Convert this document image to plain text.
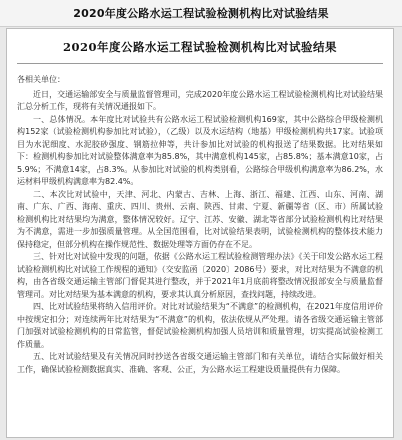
2020年度公路水运工程试验检测机构比对试验结果
2020年度公路水运工程试验检测机构比对试验结果

各相关单位：

近日，交通运输部安全与质量监督管理司，完成2020年度公路水运工程试验检测机构比对试验结果汇总分析工作，现将有关情况通报如下。

一、总体情况。本年度比对试验共有公路水运工程试验检测机构169家，其中公路综合甲级检测机构152家（试验检测机构参加比对试验），（乙级）以及水运结构（地基）甲级检测机构共17家。试验项目为水泥细度、水泥胶砂强度、钢筋拉伸等，共计参加比对试验的机构报送了结果数据。比对结果如下：检测机构参加比对试验整体满意率为85.8%，其中满意机构145家，占85.8%；基本满意10家，占5.9%；不满意14家，占8.3%。从参加比对试验的机构类别看，公路综合甲级机构满意率为86.2%，水运材料甲级机构满意率为82.4%。

二、本次比对试验中，天津、河北、内蒙古、吉林、上海、浙江、福建、江西、山东、河南、湖南、广东、广西、海南、重庆、四川、贵州、云南、陕西、甘肃、宁夏、新疆等省（区、市）所属试验检测机构比对结果均为满意，整体情况较好。辽宁、江苏、安徽、湖北等省部分试验检测机构比对结果为不满意，需进一步加强质量管理。从全国范围看，比对试验结果表明，试验检测机构的整体技术能力保持稳定，但部分机构在操作规范性、数据处理等方面仍存在不足。

三、针对比对试验中发现的问题，依据《公路水运工程试验检测管理办法》《关于印发公路水运工程试验检测机构比对试验工作规程的通知》（交安监函〔2020〕2086号）要求，对比对结果为不满意的机构，由各省级交通运输主管部门督促其进行整改，并于2021年1月底前将整改情况报部安全与质量监督管理司。对比对结果为基本满意的机构，要求其认真分析原因，查找问题，持续改进。

四、比对试验结果将纳入信用评价。对比对试验结果为“不满意”的检测机构，在2021年度信用评价中按规定扣分；对连续两年比对结果为“不满意”的机构，依法依规从严处理。请各省级交通运输主管部门加强对试验检测机构的日常监管，督促试验检测机构加强人员培训和质量管理，切实提高试验检测工作质量。

五、比对试验结果及有关情况同时抄送各省级交通运输主管部门和有关单位，请结合实际做好相关工作，确保试验检测数据真实、准确、客观、公正，为公路水运工程建设质量提供有力保障。
